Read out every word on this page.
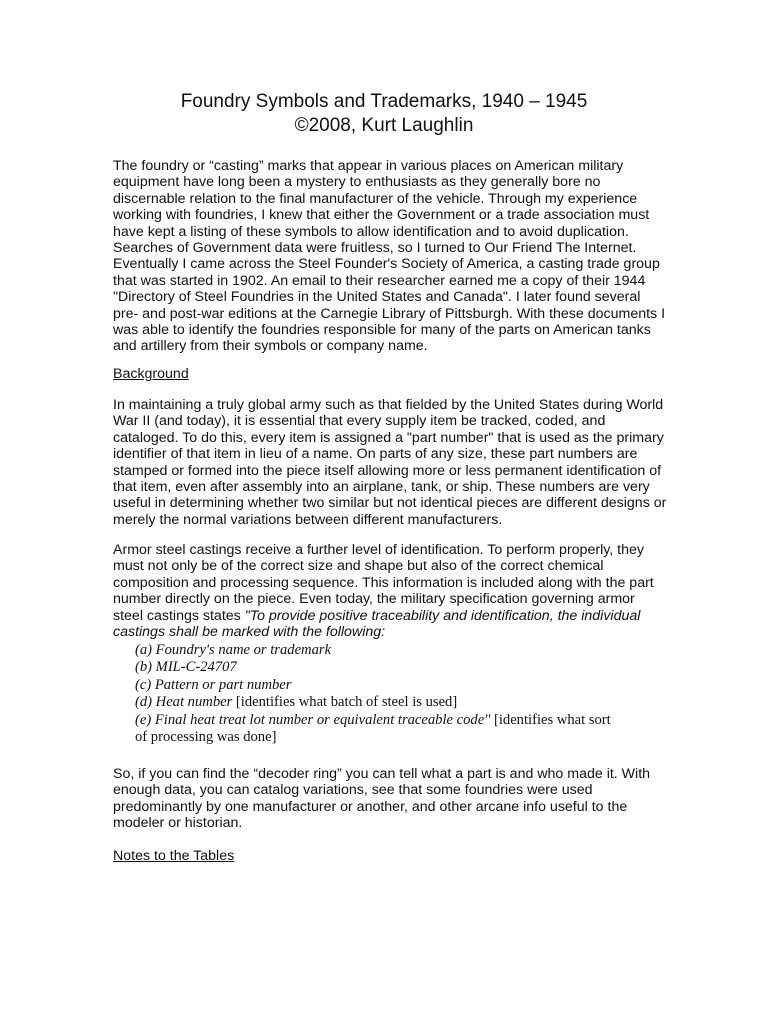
Foundry Symbols and Trademarks, 1940 – 1945
©2008, Kurt Laughlin
The foundry or “casting” marks that appear in various places on American military
equipment have long been a mystery to enthusiasts as they generally bore no
discernable relation to the final manufacturer of the vehicle. Through my experience
working with foundries, I knew that either the Government or a trade association must
have kept a listing of these symbols to allow identification and to avoid duplication.
Searches of Government data were fruitless, so I turned to Our Friend The Internet.
Eventually I came across the Steel Founder's Society of America, a casting trade group
that was started in 1902. An email to their researcher earned me a copy of their 1944
"Directory of Steel Foundries in the United States and Canada". I later found several
pre- and post-war editions at the Carnegie Library of Pittsburgh. With these documents I
was able to identify the foundries responsible for many of the parts on American tanks
and artillery from their symbols or company name.
Background
In maintaining a truly global army such as that fielded by the United States during World
War II (and today), it is essential that every supply item be tracked, coded, and
cataloged. To do this, every item is assigned a "part number" that is used as the primary
identifier of that item in lieu of a name. On parts of any size, these part numbers are
stamped or formed into the piece itself allowing more or less permanent identification of
that item, even after assembly into an airplane, tank, or ship. These numbers are very
useful in determining whether two similar but not identical pieces are different designs or
merely the normal variations between different manufacturers.
Armor steel castings receive a further level of identification. To perform properly, they
must not only be of the correct size and shape but also of the correct chemical
composition and processing sequence. This information is included along with the part
number directly on the piece. Even today, the military specification governing armor
steel castings states "To provide positive traceability and identification, the individual
castings shall be marked with the following:
(a) Foundry's name or trademark
(b) MIL-C-24707
(c) Pattern or part number
(d) Heat number [identifies what batch of steel is used]
(e) Final heat treat lot number or equivalent traceable code" [identifies what sort
of processing was done]
So, if you can find the “decoder ring” you can tell what a part is and who made it. With
enough data, you can catalog variations, see that some foundries were used
predominantly by one manufacturer or another, and other arcane info useful to the
modeler or historian.
Notes to the Tables
